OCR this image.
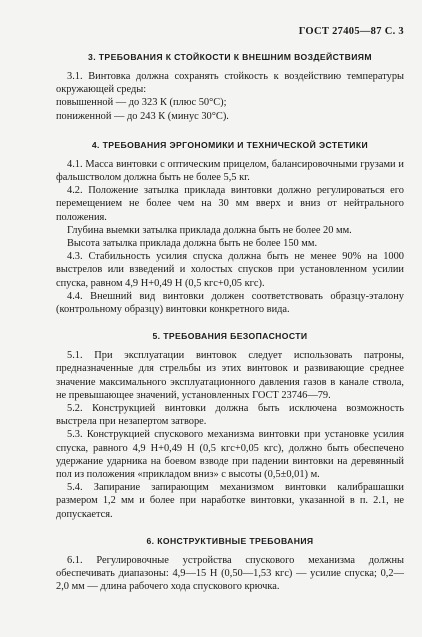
ГОСТ 27405—87 С. 3

3. ТРЕБОВАНИЯ К СТОЙКОСТИ К ВНЕШНИМ ВОЗДЕЙСТВИЯМ

3.1. Винтовка должна сохранять стойкость к воздействию температуры окружающей среды:

повышенной — до 323 К (плюс 50°С);

пониженной — до 243 К (минус 30°С).

4. ТРЕБОВАНИЯ ЭРГОНОМИКИ И ТЕХНИЧЕСКОЙ ЭСТЕТИКИ

4.1. Масса винтовки с оптическим прицелом, балансировочными грузами и фальшстволом должна быть не более 5,5 кг.

4.2. Положение затылка приклада винтовки должно регулироваться его перемещением не более чем на 30 мм вверх и вниз от нейтрального положения.

Глубина выемки затылка приклада должна быть не более 20 мм.

Высота затылка приклада должна быть не более 150 мм.

4.3. Стабильность усилия спуска должна быть не менее 90% на 1000 выстрелов или взведений и холостых спусков при установленном усилии спуска, равном 4,9 Н+0,49 Н (0,5 кгс+0,05 кгс).

4.4. Внешний вид винтовки должен соответствовать образцу-эталону (контрольному образцу) винтовки конкретного вида.

5. ТРЕБОВАНИЯ БЕЗОПАСНОСТИ

5.1. При эксплуатации винтовок следует использовать патроны, предназначенные для стрельбы из этих винтовок и развивающие среднее значение максимального эксплуатационного давления газов в канале ствола, не превышающее значений, установленных ГОСТ 23746—79.

5.2. Конструкцией винтовки должна быть исключена возможность выстрела при незапертом затворе.

5.3. Конструкцией спускового механизма винтовки при установке усилия спуска, равного 4,9 Н+0,49 Н (0,5 кгс+0,05 кгс), должно быть обеспечено удержание ударника на боевом взводе при падении винтовки на деревянный пол из положения «прикладом вниз» с высоты (0,5±0,01) м.

5.4. Запирание запирающим механизмом винтовки калибрашашки размером 1,2 мм и более при наработке винтовки, указанной в п. 2.1, не допускается.

6. КОНСТРУКТИВНЫЕ ТРЕБОВАНИЯ

6.1. Регулировочные устройства спускового механизма должны обеспечивать диапазоны: 4,9—15 Н (0,50—1,53 кгс) — усилие спуска; 0,2—2,0 мм — длина рабочего хода спускового крючка.
